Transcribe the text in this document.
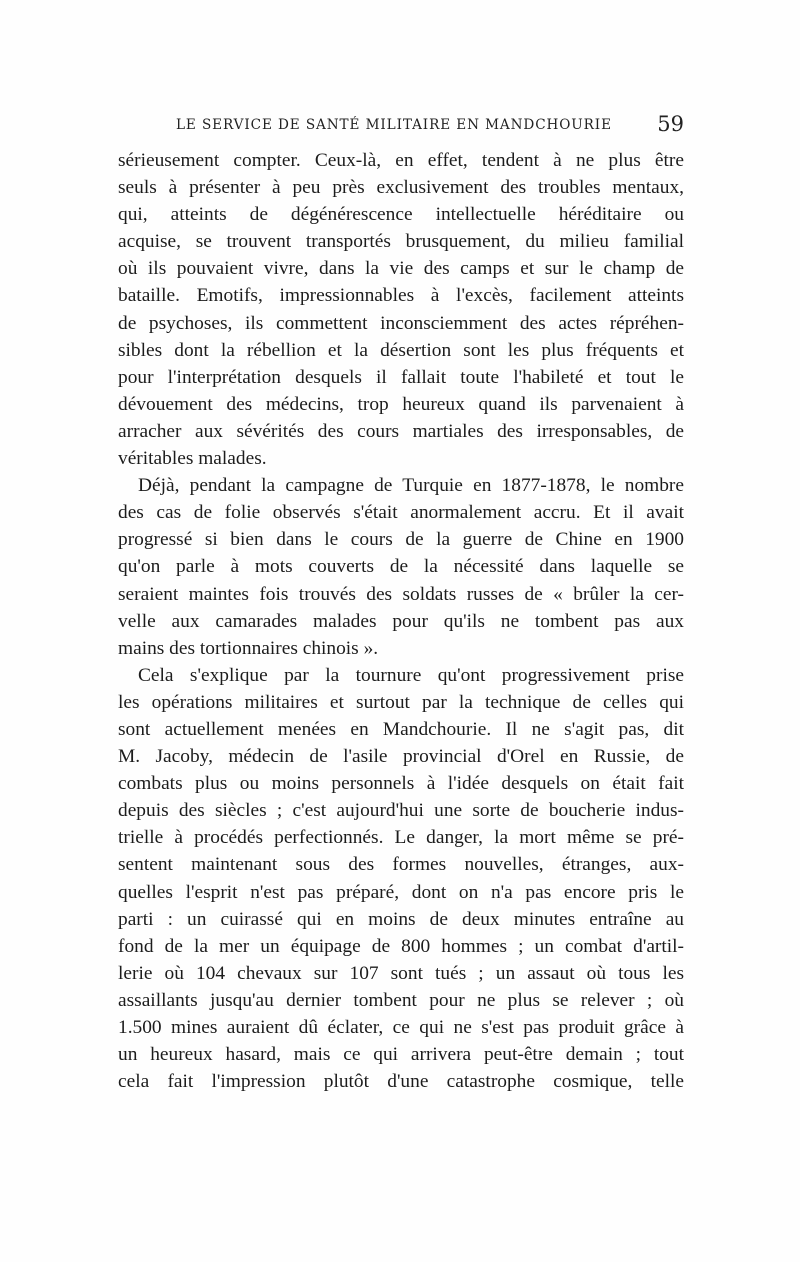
LE SERVICE DE SANTÉ MILITAIRE EN MANDCHOURIE 59
sérieusement compter. Ceux-là, en effet, tendent à ne plus être
seuls à présenter à peu près exclusivement des troubles mentaux,
qui, atteints de dégénérescence intellectuelle héréditaire ou
acquise, se trouvent transportés brusquement, du milieu familial
où ils pouvaient vivre, dans la vie des camps et sur le champ de
bataille. Emotifs, impressionnables à l'excès, facilement atteints
de psychoses, ils commettent inconsciemment des actes répréhen-
sibles dont la rébellion et la désertion sont les plus fréquents et
pour l'interprétation desquels il fallait toute l'habileté et tout le
dévouement des médecins, trop heureux quand ils parvenaient à
arracher aux sévérités des cours martiales des irresponsables, de
véritables malades.
Déjà, pendant la campagne de Turquie en 1877-1878, le nombre
des cas de folie observés s'était anormalement accru. Et il avait
progressé si bien dans le cours de la guerre de Chine en 1900
qu'on parle à mots couverts de la nécessité dans laquelle se
seraient maintes fois trouvés des soldats russes de « brûler la cer-
velle aux camarades malades pour qu'ils ne tombent pas aux
mains des tortionnaires chinois ».
Cela s'explique par la tournure qu'ont progressivement prise
les opérations militaires et surtout par la technique de celles qui
sont actuellement menées en Mandchourie. Il ne s'agit pas, dit
M. Jacoby, médecin de l'asile provincial d'Orel en Russie, de
combats plus ou moins personnels à l'idée desquels on était fait
depuis des siècles ; c'est aujourd'hui une sorte de boucherie indus-
trielle à procédés perfectionnés. Le danger, la mort même se pré-
sentent maintenant sous des formes nouvelles, étranges, aux-
quelles l'esprit n'est pas préparé, dont on n'a pas encore pris le
parti : un cuirassé qui en moins de deux minutes entraîne au
fond de la mer un équipage de 800 hommes ; un combat d'artil-
lerie où 104 chevaux sur 107 sont tués ; un assaut où tous les
assaillants jusqu'au dernier tombent pour ne plus se relever ; où
1.500 mines auraient dû éclater, ce qui ne s'est pas produit grâce à
un heureux hasard, mais ce qui arrivera peut-être demain ; tout
cela fait l'impression plutôt d'une catastrophe cosmique, telle
